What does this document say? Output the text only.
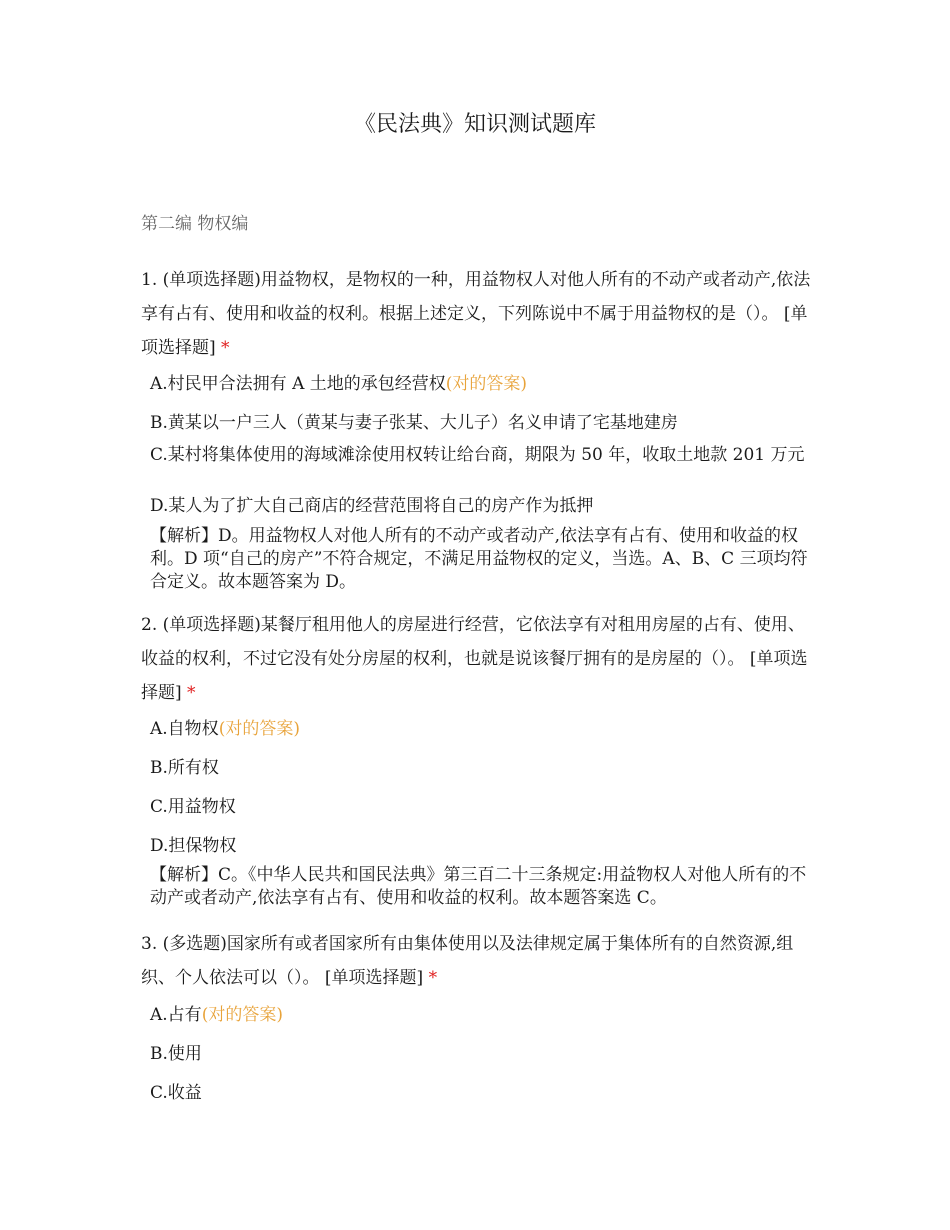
《民法典》知识测试题库
第二编 物权编
1. (单项选择题)用益物权，是物权的一种，用益物权人对他人所有的不动产或者动产,依法享有占有、使用和收益的权利。根据上述定义，下列陈说中不属于用益物权的是（）。 [单项选择题] *
A.村民甲合法拥有 A 土地的承包经营权(对的答案)
B.黄某以一户三人（黄某与妻子张某、大儿子）名义申请了宅基地建房
C.某村将集体使用的海域滩涂使用权转让给台商，期限为 50 年，收取土地款 201 万元
D.某人为了扩大自己商店的经营范围将自己的房产作为抵押
【解析】D。用益物权人对他人所有的不动产或者动产,依法享有占有、使用和收益的权利。D 项“自己的房产”不符合规定，不满足用益物权的定义，当选。A、B、C 三项均符合定义。故本题答案为 D。
2. (单项选择题)某餐厅租用他人的房屋进行经营，它依法享有对租用房屋的占有、使用、收益的权利，不过它没有处分房屋的权利，也就是说该餐厅拥有的是房屋的（）。 [单项选择题] *
A.自物权(对的答案)
B.所有权
C.用益物权
D.担保物权
【解析】C。《中华人民共和国民法典》第三百二十三条规定:用益物权人对他人所有的不动产或者动产,依法享有占有、使用和收益的权利。故本题答案选 C。
3. (多选题)国家所有或者国家所有由集体使用以及法律规定属于集体所有的自然资源,组织、个人依法可以（）。 [单项选择题] *
A.占有(对的答案)
B.使用
C.收益
